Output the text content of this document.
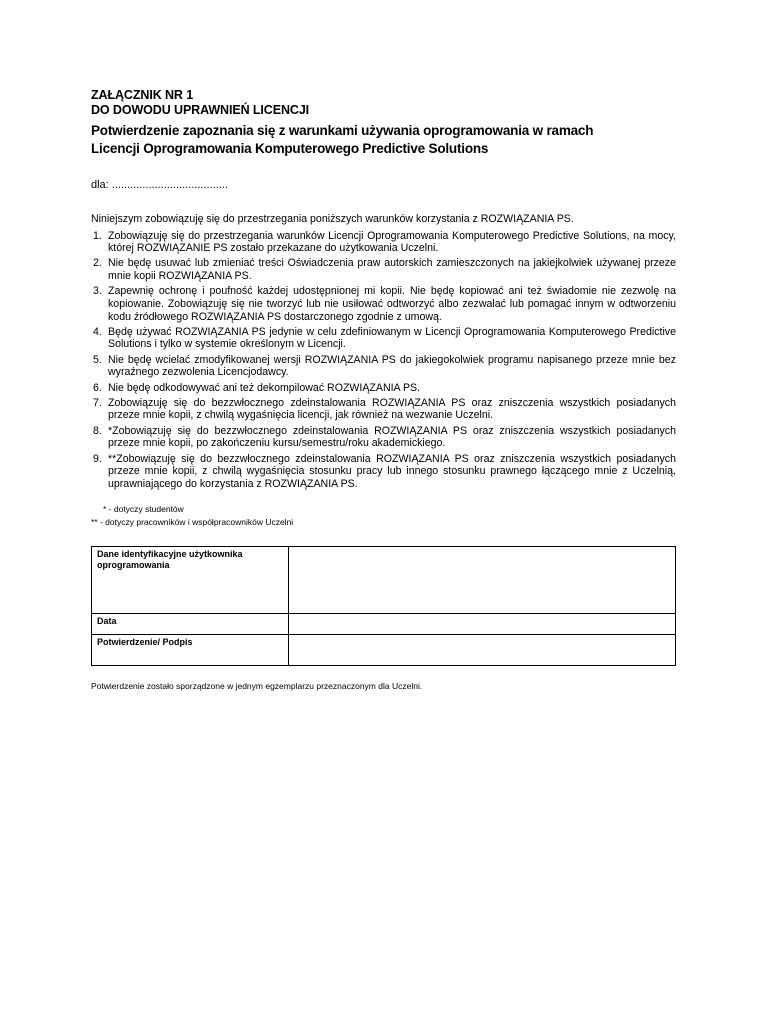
ZAŁĄCZNIK NR 1
DO DOWODU UPRAWNIEŃ LICENCJI
Potwierdzenie zapoznania się z warunkami używania oprogramowania w ramach
Licencji Oprogramowania Komputerowego Predictive Solutions
dla: ......................................
Niniejszym zobowiązuję się do przestrzegania poniższych warunków korzystania z ROZWIĄZANIA PS.
1. Zobowiązuję się do przestrzegania warunków Licencji Oprogramowania Komputerowego Predictive Solutions, na mocy, której ROZWIĄZANIE PS zostało przekazane do użytkowania Uczelni.
2. Nie będę usuwać lub zmieniać treści Oświadczenia praw autorskich zamieszczonych na jakiejkolwiek używanej przeze mnie kopii ROZWIĄZANIA PS.
3. Zapewnię ochronę i poufność każdej udostępnionej mi kopii. Nie będę kopiować ani też świadomie nie zezwolę na kopiowanie. Zobowiązuję się nie tworzyć lub nie usiłować odtworzyć albo zezwalać lub pomagać innym w odtworzeniu kodu źródłowego ROZWIĄZANIA PS dostarczonego zgodnie z umową.
4. Będę używać ROZWIĄZANIA PS jedynie w celu zdefiniowanym w Licencji Oprogramowania Komputerowego Predictive Solutions i tylko w systemie określonym w Licencji.
5. Nie będę wcielać zmodyfikowanej wersji ROZWIĄZANIA PS do jakiegokolwiek programu napisanego przeze mnie bez wyraźnego zezwolenia Licencjodawcy.
6. Nie będę odkodowywać ani też dekompilować ROZWIĄZANIA PS.
7. Zobowiązuję się do bezzwłocznego zdeinstalowania ROZWIĄZANIA PS oraz zniszczenia wszystkich posiadanych przeze mnie kopii, z chwilą wygaśnięcia licencji, jak również na wezwanie Uczelni.
8. *Zobowiązuję się do bezzwłocznego zdeinstalowania ROZWIĄZANIA PS oraz zniszczenia wszystkich posiadanych przeze mnie kopii, po zakończeniu kursu/semestru/roku akademickiego.
9. **Zobowiązuję się do bezzwłocznego zdeinstalowania ROZWIĄZANIA PS oraz zniszczenia wszystkich posiadanych przeze mnie kopii, z chwilą wygaśnięcia stosunku pracy lub innego stosunku prawnego łączącego mnie z Uczelnią, uprawniającego do korzystania z ROZWIĄZANIA PS.
* - dotyczy studentów
** - dotyczy pracowników i współpracowników Uczelni
Dane identyfikacyjne użytkownika oprogramowania	
Data	
Potwierdzenie/ Podpis	
Potwierdzenie zostało sporządzone w jednym egzemplarzu przeznaczonym dla Uczelni.
